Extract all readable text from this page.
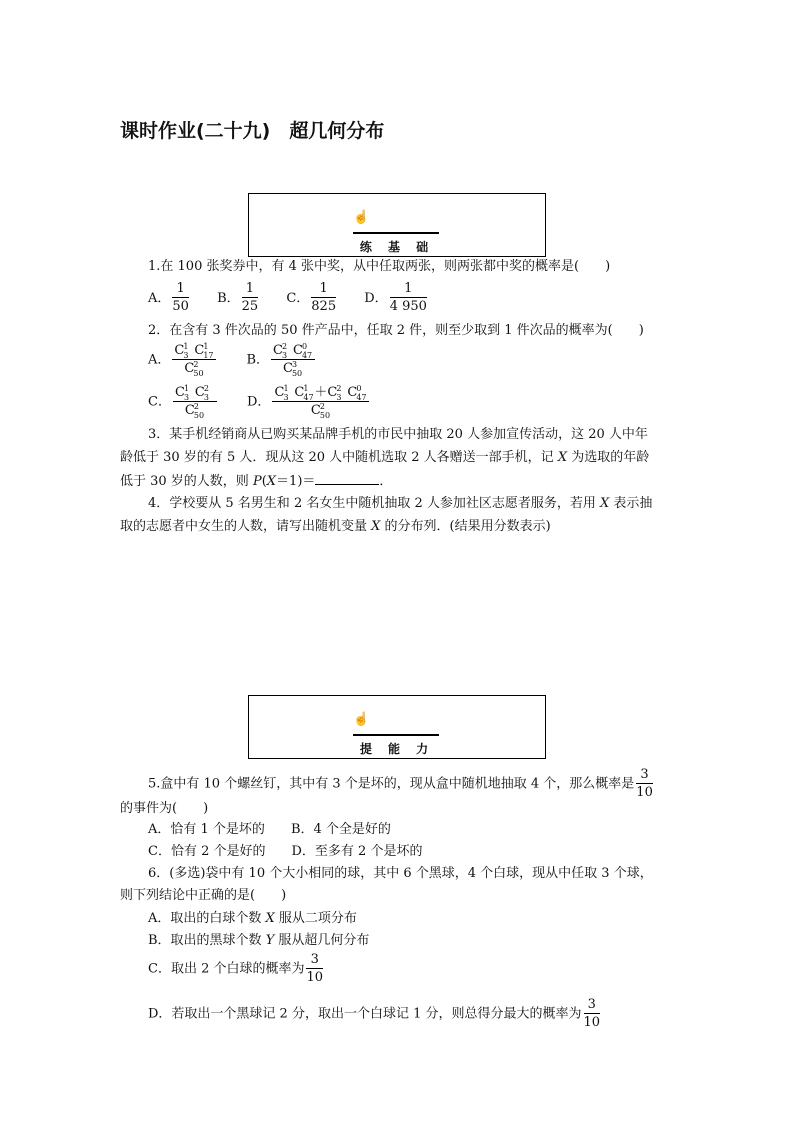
课时作业(二十九)　超几何分布
☝
练 基 础
1.在 100 张奖券中，有 4 张中奖，从中任取两张，则两张都中奖的概率是(　　)
A． $\frac{1}{50}$ B． $\frac{1}{25}$ C． $\frac{1}{825}$ D． $\frac{1}{4 950}$
2．在含有 3 件次品的 50 件产品中，任取 2 件，则至少取到 1 件次品的概率为(　　)
A． C 1
3 C 1
17
C 2
50 B． C 2
3 C 0
47
C 3
50
C． C 1
3 C 2
3
C 2
50 D． C 1
3 C 1
47 ＋C 2
3 C 0
47
C 2
50
3．某手机经销商从已购买某品牌手机的市民中抽取 20 人参加宣传活动，这 20 人中年
龄低于 30 岁的有 5 人．现从这 20 人中随机选取 2 人各赠送一部手机，记 X 为选取的年龄
低于 30 岁的人数，则 P(X＝1)＝	．
4．学校要从 5 名男生和 2 名女生中随机抽取 2 人参加社区志愿者服务，若用 X 表示抽
取的志愿者中女生的人数，请写出随机变量 X 的分布列．(结果用分数表示)
☝
提 能 力
5.盒中有 10 个螺丝钉，其中有 3 个是坏的，现从盒中随机地抽取 4 个，那么概率是 $\frac{3}{10}$
的事件为(　　)
A．恰有 1 个是坏的 B．4 个全是好的
C．恰有 2 个是好的 D．至多有 2 个是坏的
6．(多选)袋中有 10 个大小相同的球，其中 6 个黑球，4 个白球，现从中任取 3 个球，
则下列结论中正确的是(　　)
A．取出的白球个数 X 服从二项分布
B．取出的黑球个数 Y 服从超几何分布
C．取出 2 个白球的概率为 $\frac{3}{10}$
D．若取出一个黑球记 2 分，取出一个白球记 1 分，则总得分最大的概率为 $\frac{3}{10}$
